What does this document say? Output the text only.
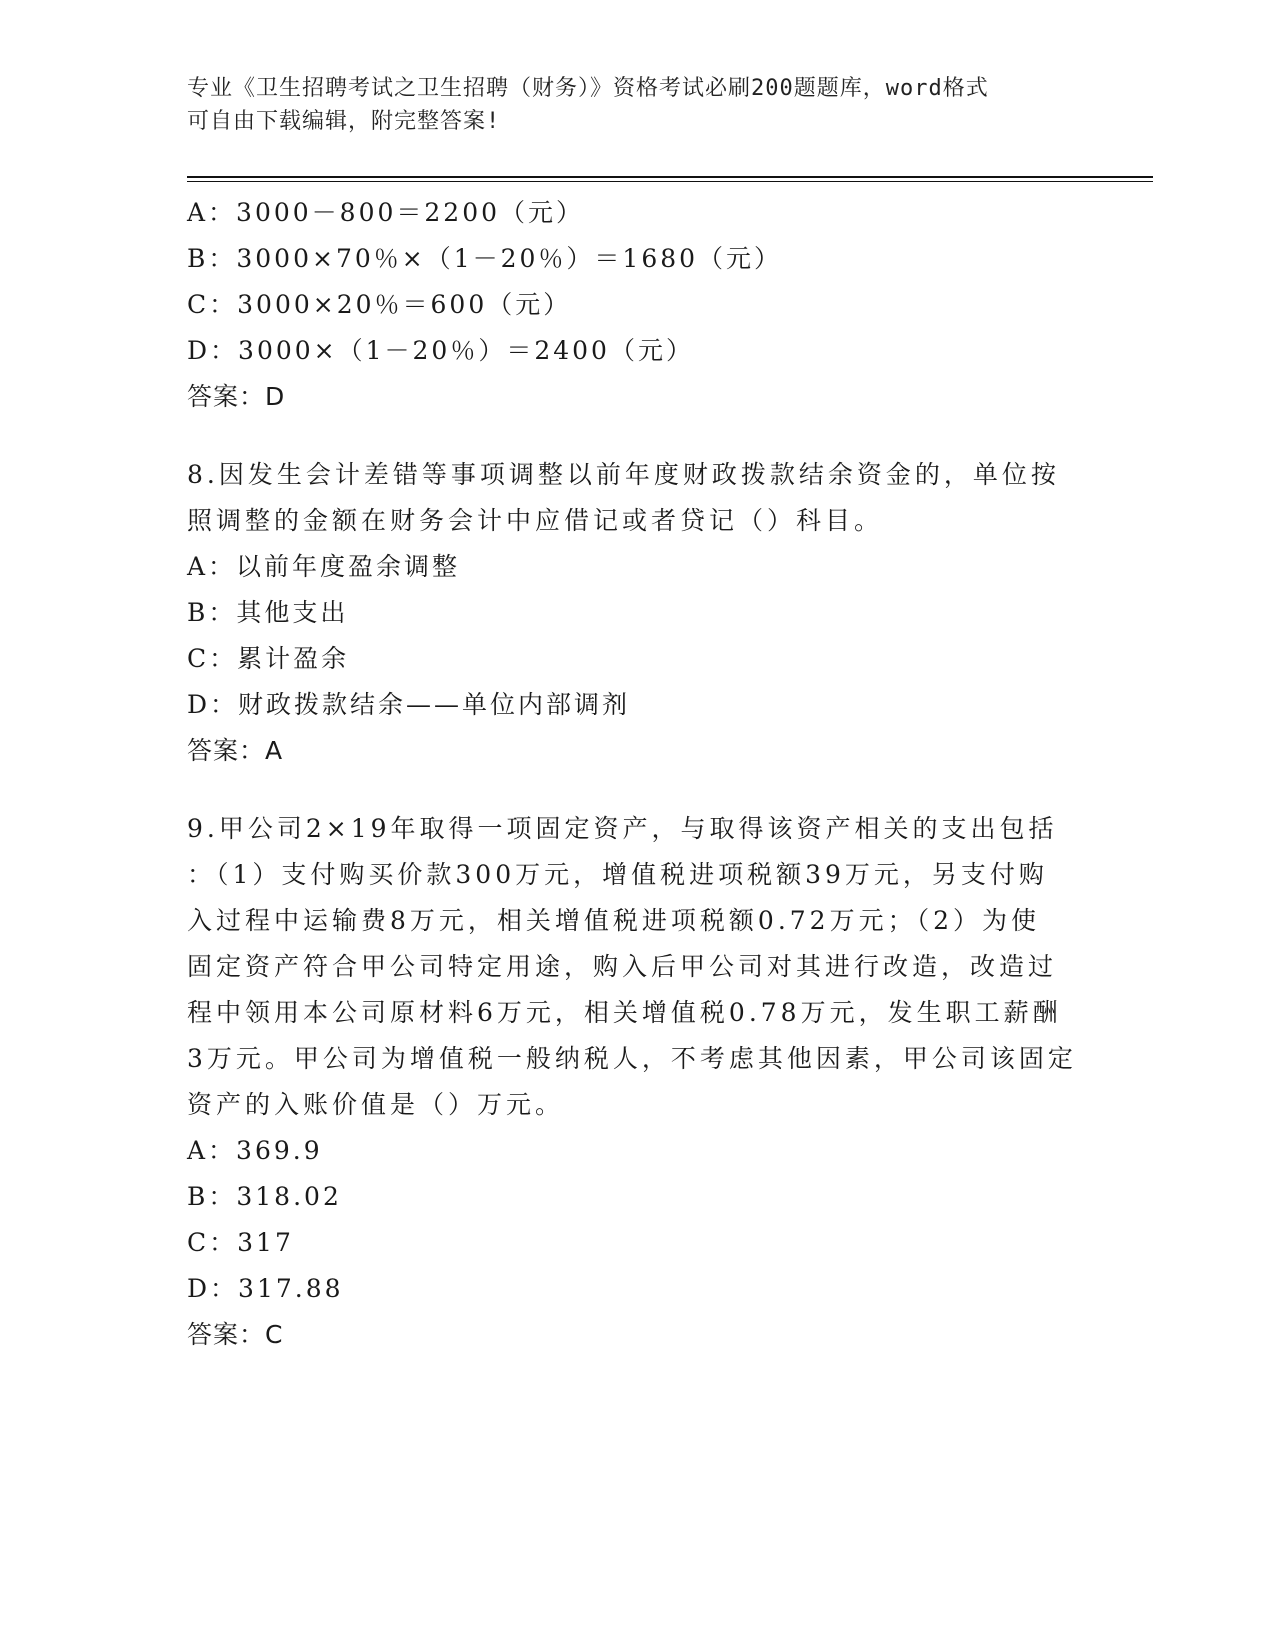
专业《卫生招聘考试之卫生招聘（财务）》资格考试必刷200题题库，word格式
可自由下载编辑，附完整答案!
A：3000－800＝2200（元）
B：3000×70％×（1－20％）＝1680（元）
C：3000×20％＝600（元）
D：3000×（1－20％）＝2400（元）
答案：D
8.因发生会计差错等事项调整以前年度财政拨款结余资金的，单位按
照调整的金额在财务会计中应借记或者贷记（）科目。
A：以前年度盈余调整
B：其他支出
C：累计盈余
D：财政拨款结余——单位内部调剂
答案：A
9.甲公司2×19年取得一项固定资产，与取得该资产相关的支出包括
：（1）支付购买价款300万元，增值税进项税额39万元，另支付购
入过程中运输费8万元，相关增值税进项税额0.72万元；（2）为使
固定资产符合甲公司特定用途，购入后甲公司对其进行改造，改造过
程中领用本公司原材料6万元，相关增值税0.78万元，发生职工薪酬
3万元。甲公司为增值税一般纳税人，不考虑其他因素，甲公司该固定
资产的入账价值是（）万元。
A：369.9
B：318.02
C：317
D：317.88
答案：C
